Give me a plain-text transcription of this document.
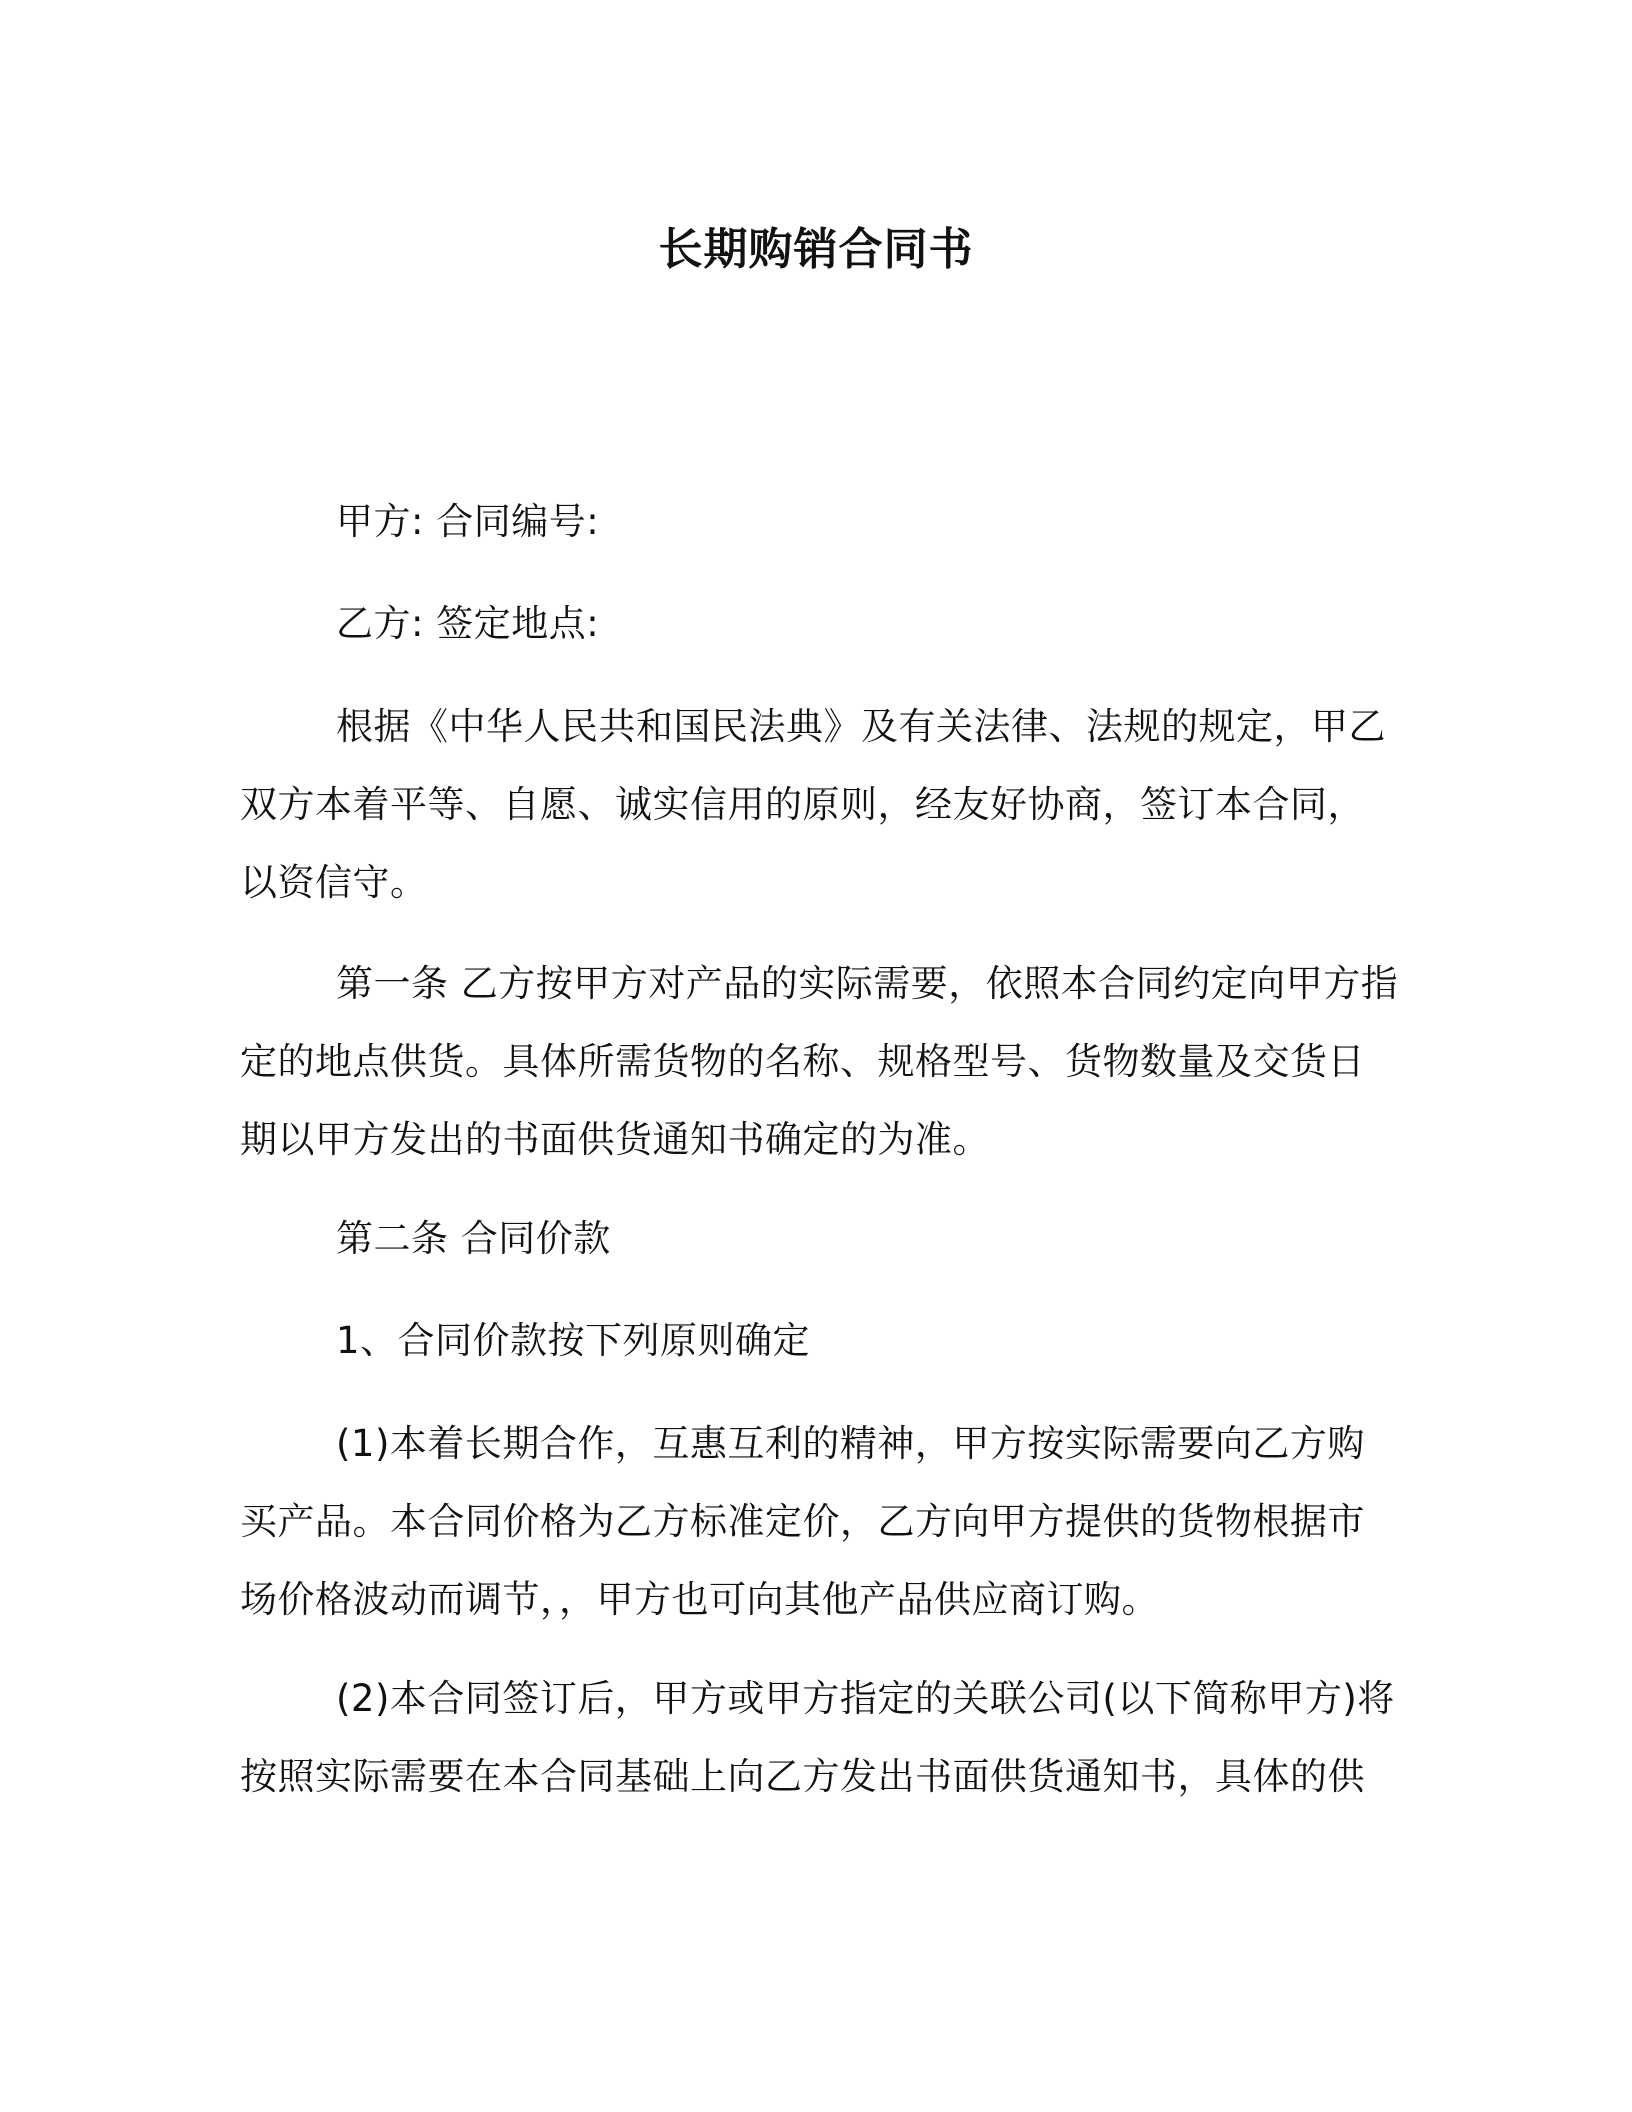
长期购销合同书

甲方: 合同编号:

乙方: 签定地点:

根据《中华人民共和国民法典》及有关法律、法规的规定，甲乙双方本着平等、自愿、诚实信用的原则，经友好协商，签订本合同，以资信守。

第一条 乙方按甲方对产品的实际需要，依照本合同约定向甲方指定的地点供货。具体所需货物的名称、规格型号、货物数量及交货日期以甲方发出的书面供货通知书确定的为准。

第二条 合同价款

1、合同价款按下列原则确定

(1)本着长期合作，互惠互利的精神，甲方按实际需要向乙方购买产品。本合同价格为乙方标准定价，乙方向甲方提供的货物根据市场价格波动而调节，，甲方也可向其他产品供应商订购。

(2)本合同签订后，甲方或甲方指定的关联公司(以下简称甲方)将按照实际需要在本合同基础上向乙方发出书面供货通知书，具体的供
